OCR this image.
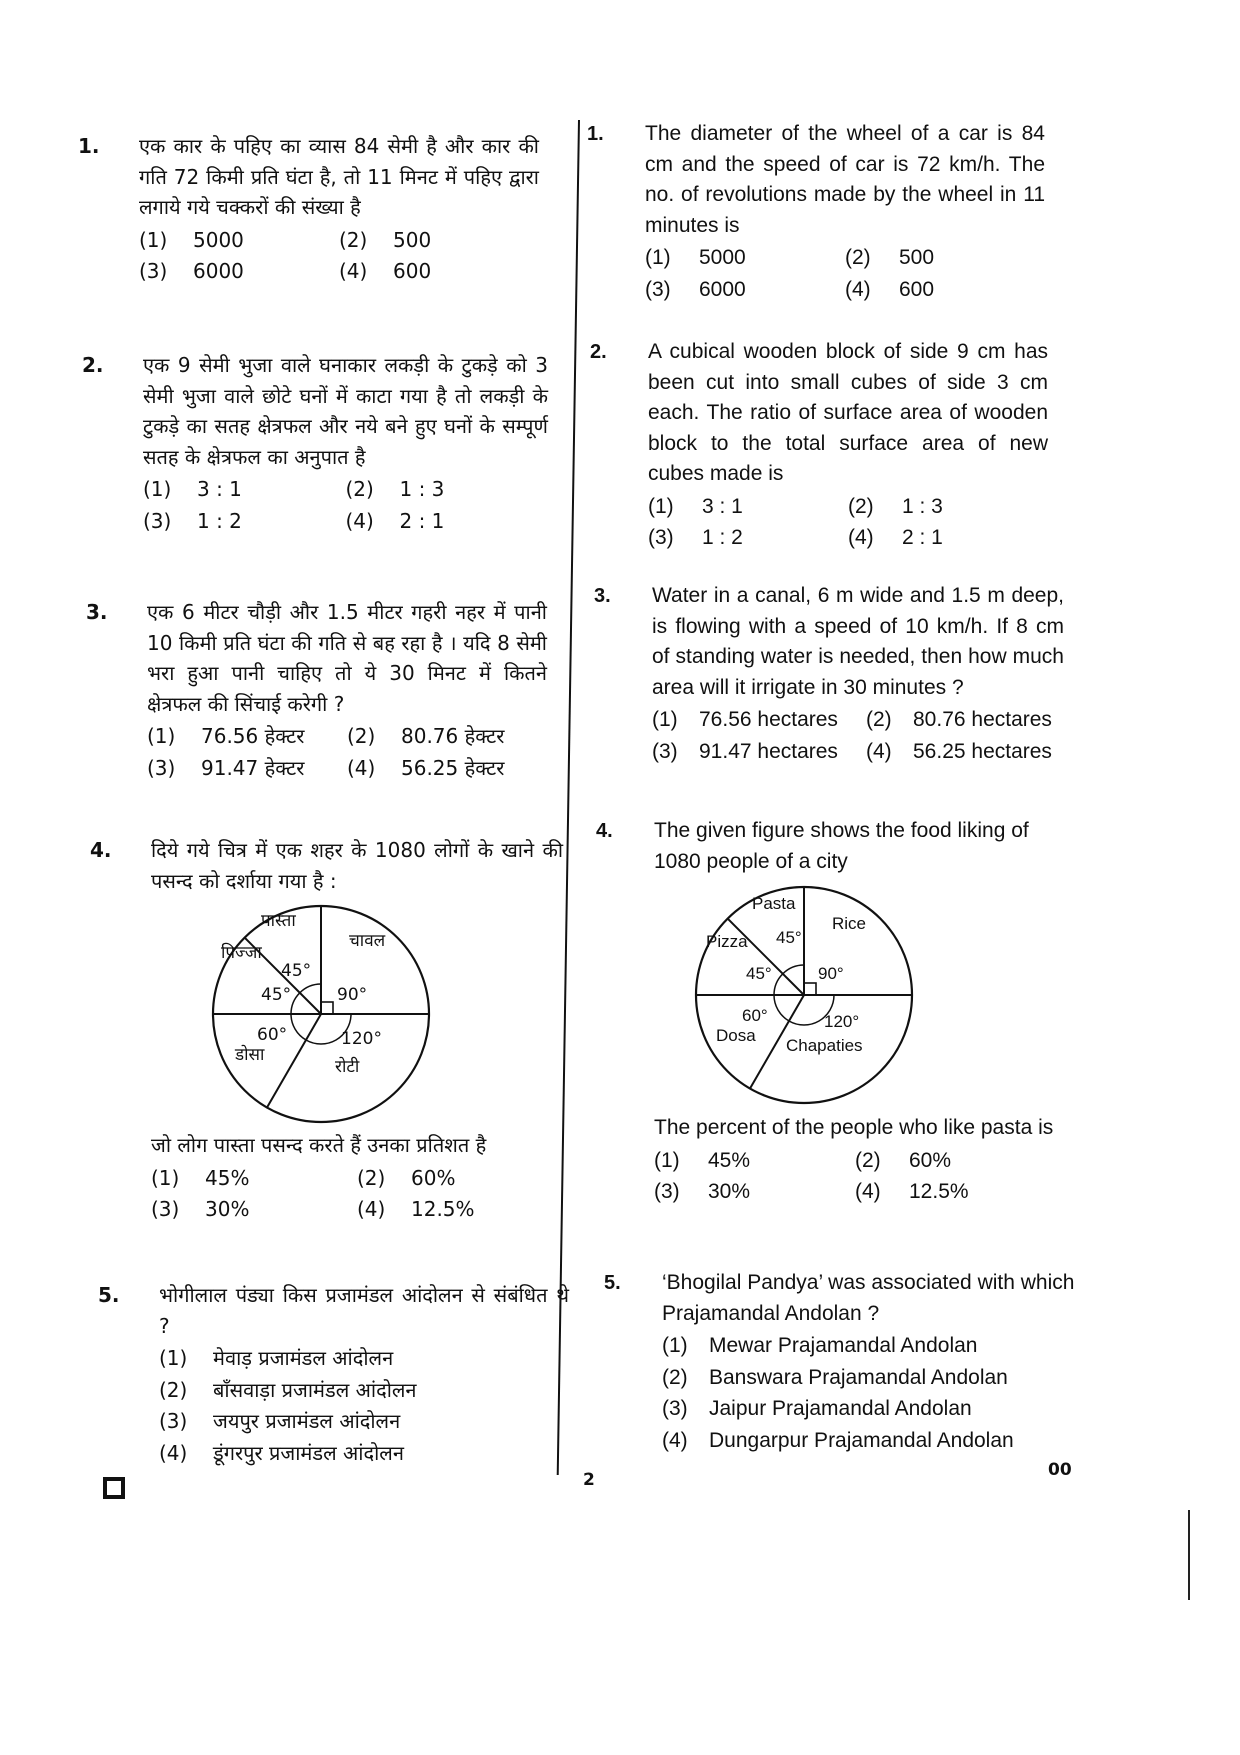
1. एक कार के पहिए का व्यास 84 सेमी है और कार की गति 72 किमी प्रति घंटा है, तो 11 मिनट में पहिए द्वारा लगाये गये चक्करों की संख्या है
(1)	5000	(2)	500
(3)	6000	(4)	600
2. एक 9 सेमी भुजा वाले घनाकार लकड़ी के टुकड़े को 3 सेमी भुजा वाले छोटे घनों में काटा गया है तो लकड़ी के टुकड़े का सतह क्षेत्रफल और नये बने हुए घनों के सम्पूर्ण सतह के क्षेत्रफल का अनुपात है
(1)	3 : 1	(2)	1 : 3
(3)	1 : 2	(4)	2 : 1
3. एक 6 मीटर चौड़ी और 1.5 मीटर गहरी नहर में पानी 10 किमी प्रति घंटा की गति से बह रहा है । यदि 8 सेमी भरा हुआ पानी चाहिए तो ये 30 मिनट में कितने क्षेत्रफल की सिंचाई करेगी ?
(1)	76.56 हेक्टर (2)	80.76 हेक्टर
(3)	91.47 हेक्टर (4)	56.25 हेक्टर
4. दिये गये चित्र में एक शहर के 1080 लोगों के खाने की पसन्द को दर्शाया गया है :
पास्ता
45°
चावल
90°
पिज्जा
45°
60°
डोसा
120°
रोटी
जो लोग पास्ता पसन्द करते हैं उनका प्रतिशत है
(1)	45%	(2)	60%
(3)	30%	(4)	12.5%
5. भोगीलाल पंड्या किस प्रजामंडल आंदोलन से संबंधित थे ?
(1)	मेवाड़ प्रजामंडल आंदोलन
(2)	बाँसवाड़ा प्रजामंडल आंदोलन
(3)	जयपुर प्रजामंडल आंदोलन
(4)	डूंगरपुर प्रजामंडल आंदोलन
1. The diameter of the wheel of a car is 84 cm and the speed of car is 72 km/h. The no. of revolutions made by the wheel in 11 minutes is
(1)	5000	(2)	500
(3)	6000	(4)	600
2. A cubical wooden block of side 9 cm has been cut into small cubes of side 3 cm each. The ratio of surface area of wooden block to the total surface area of new cubes made is
(1)	3 : 1	(2)	1 : 3
(3)	1 : 2	(4)	2 : 1
3. Water in a canal, 6 m wide and 1.5 m deep, is flowing with a speed of 10 km/h. If 8 cm of standing water is needed, then how much area will it irrigate in 30 minutes ?
(1)	76.56 hectares (2)	80.76 hectares
(3)	91.47 hectares (4)	56.25 hectares
4. The given figure shows the food liking of 1080 people of a city
Pasta
45°
Rice
90°
Pizza
45°
60°
Dosa
120°
Chapaties
The percent of the people who like pasta is
(1)	45%	(2)	60%
(3)	30%	(4)	12.5%
5. ‘Bhogilal Pandya’ was associated with which Prajamandal Andolan ?
(1)	Mewar Prajamandal Andolan
(2)	Banswara Prajamandal Andolan
(3)	Jaipur Prajamandal Andolan
(4)	Dungarpur Prajamandal Andolan
2	00
